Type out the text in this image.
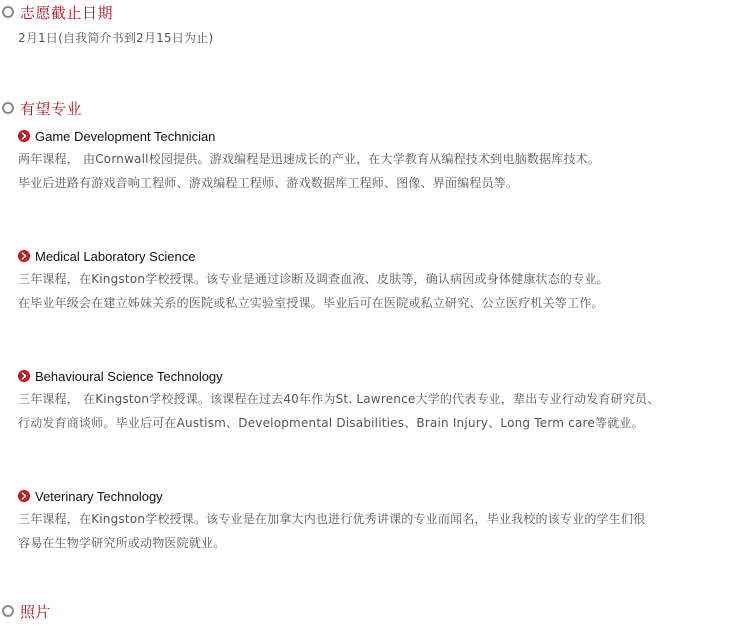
志愿截止日期
2月1日(自我简介书到2月15日为止)
有望专业
Game Development Technician
两年课程， 由Cornwall校园提供。游戏编程是迅速成长的产业，在大学教育从编程技术到电脑数据库技术。
毕业后进路有游戏音响工程师、游戏编程工程师、游戏数据库工程师、图像、界面编程员等。
Medical Laboratory Science
三年课程，在Kingston学校授课。该专业是通过诊断及调查血液、皮肤等，确认病因或身体健康状态的专业。
在毕业年级会在建立姊妹关系的医院或私立实验室授课。毕业后可在医院或私立研究、公立医疗机关等工作。
Behavioural Science Technology
三年课程， 在Kingston学校授课。该课程在过去40年作为St. Lawrence大学的代表专业，辈出专业行动发育研究员、
行动发育商谈师。毕业后可在Austism、Developmental Disabilities、Brain Injury、Long Term care等就业。
Veterinary Technology
三年课程，在Kingston学校授课。该专业是在加拿大内也进行优秀讲课的专业而闻名，毕业我校的该专业的学生们很
容易在生物学研究所或动物医院就业。
照片
